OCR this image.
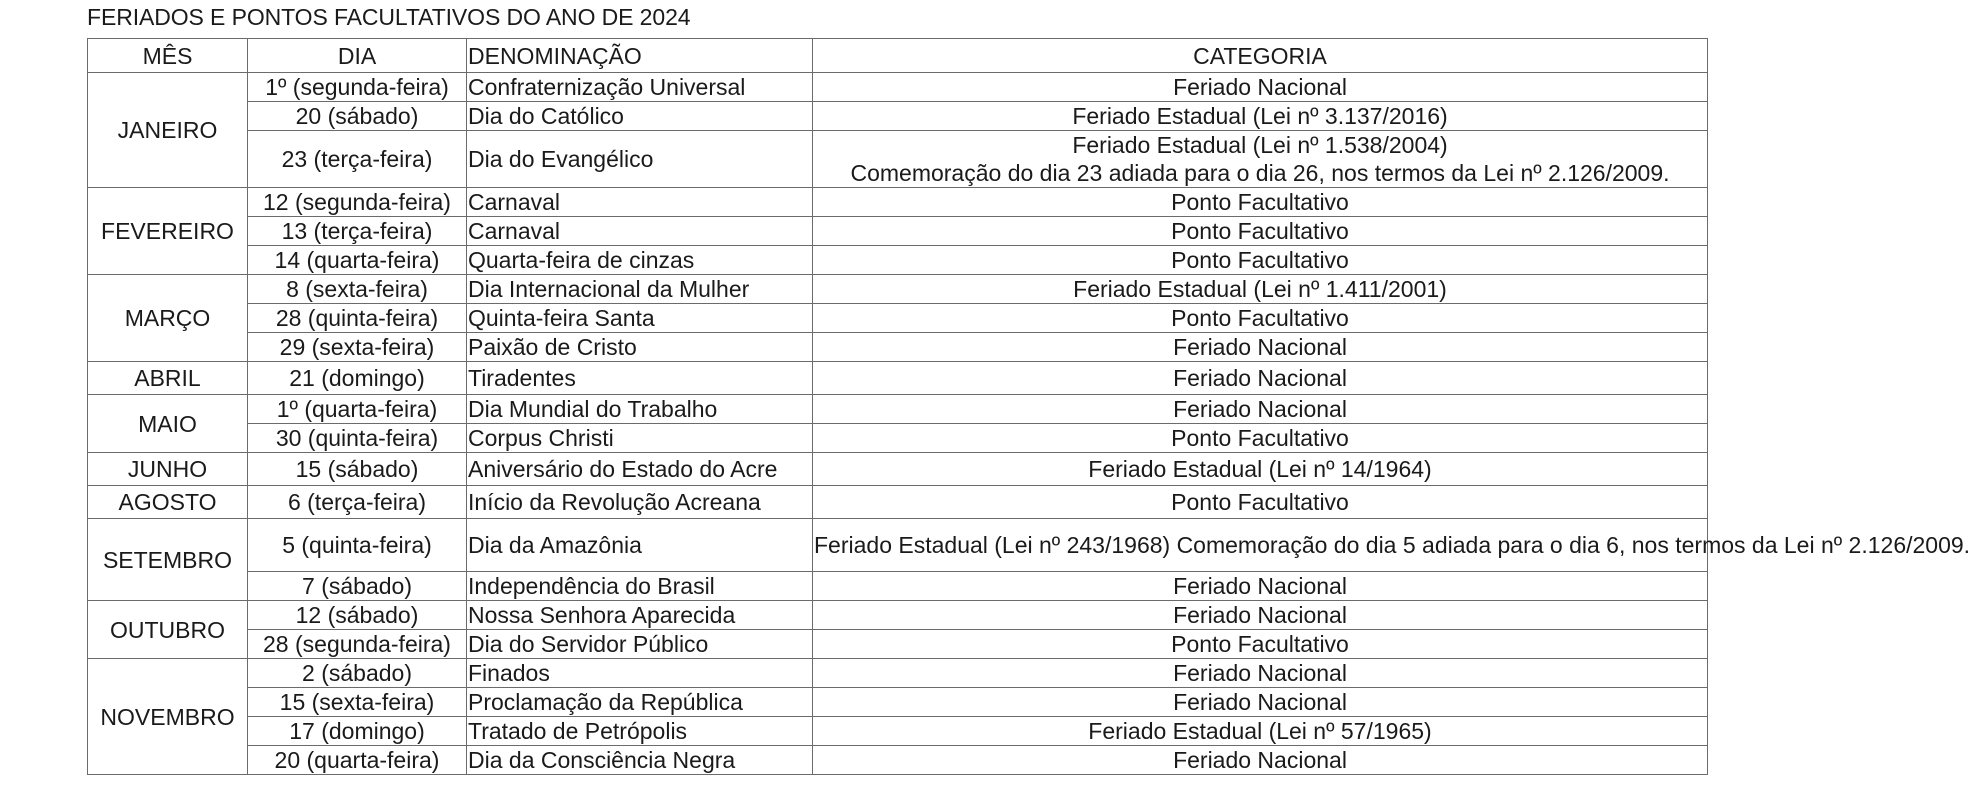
FERIADOS E PONTOS FACULTATIVOS DO ANO DE 2024
MÊS	DIA	DENOMINAÇÃO	CATEGORIA
JANEIRO	1º (segunda-feira)	Confraternização Universal	Feriado Nacional
	20 (sábado)	Dia do Católico	Feriado Estadual (Lei nº 3.137/2016)
	23 (terça-feira)	Dia do Evangélico	Feriado Estadual (Lei nº 1.538/2004)
Comemoração do dia 23 adiada para o dia 26, nos termos da Lei nº 2.126/2009.

FEVEREIRO	12 (segunda-feira)	Carnaval	Ponto Facultativo
	13 (terça-feira)	Carnaval	Ponto Facultativo
	14 (quarta-feira)	Quarta-feira de cinzas	Ponto Facultativo
MARÇO	8 (sexta-feira)	Dia Internacional da Mulher	Feriado Estadual (Lei nº 1.411/2001)
	28 (quinta-feira)	Quinta-feira Santa	Ponto Facultativo
	29 (sexta-feira)	Paixão de Cristo	Feriado Nacional
ABRIL	21 (domingo)	Tiradentes	Feriado Nacional
MAIO	1º (quarta-feira)	Dia Mundial do Trabalho	Feriado Nacional
	30 (quinta-feira)	Corpus Christi	Ponto Facultativo
JUNHO	15 (sábado)	Aniversário do Estado do Acre	Feriado Estadual (Lei nº 14/1964)
AGOSTO	6 (terça-feira)	Início da Revolução Acreana	Ponto Facultativo
SETEMBRO	5 (quinta-feira)	Dia da Amazônia	Feriado Estadual (Lei nº 243/1968) Comemoração do dia 5 adiada para o dia 6, nos termos da Lei nº 2.126/2009.
	7 (sábado)	Independência do Brasil	Feriado Nacional
OUTUBRO	12 (sábado)	Nossa Senhora Aparecida	Feriado Nacional
	28 (segunda-feira)	Dia do Servidor Público	Ponto Facultativo
NOVEMBRO	2 (sábado)	Finados	Feriado Nacional
	15 (sexta-feira)	Proclamação da República	Feriado Nacional
	17 (domingo)	Tratado de Petrópolis	Feriado Estadual (Lei nº 57/1965)
	20 (quarta-feira)	Dia da Consciência Negra	Feriado Nacional
